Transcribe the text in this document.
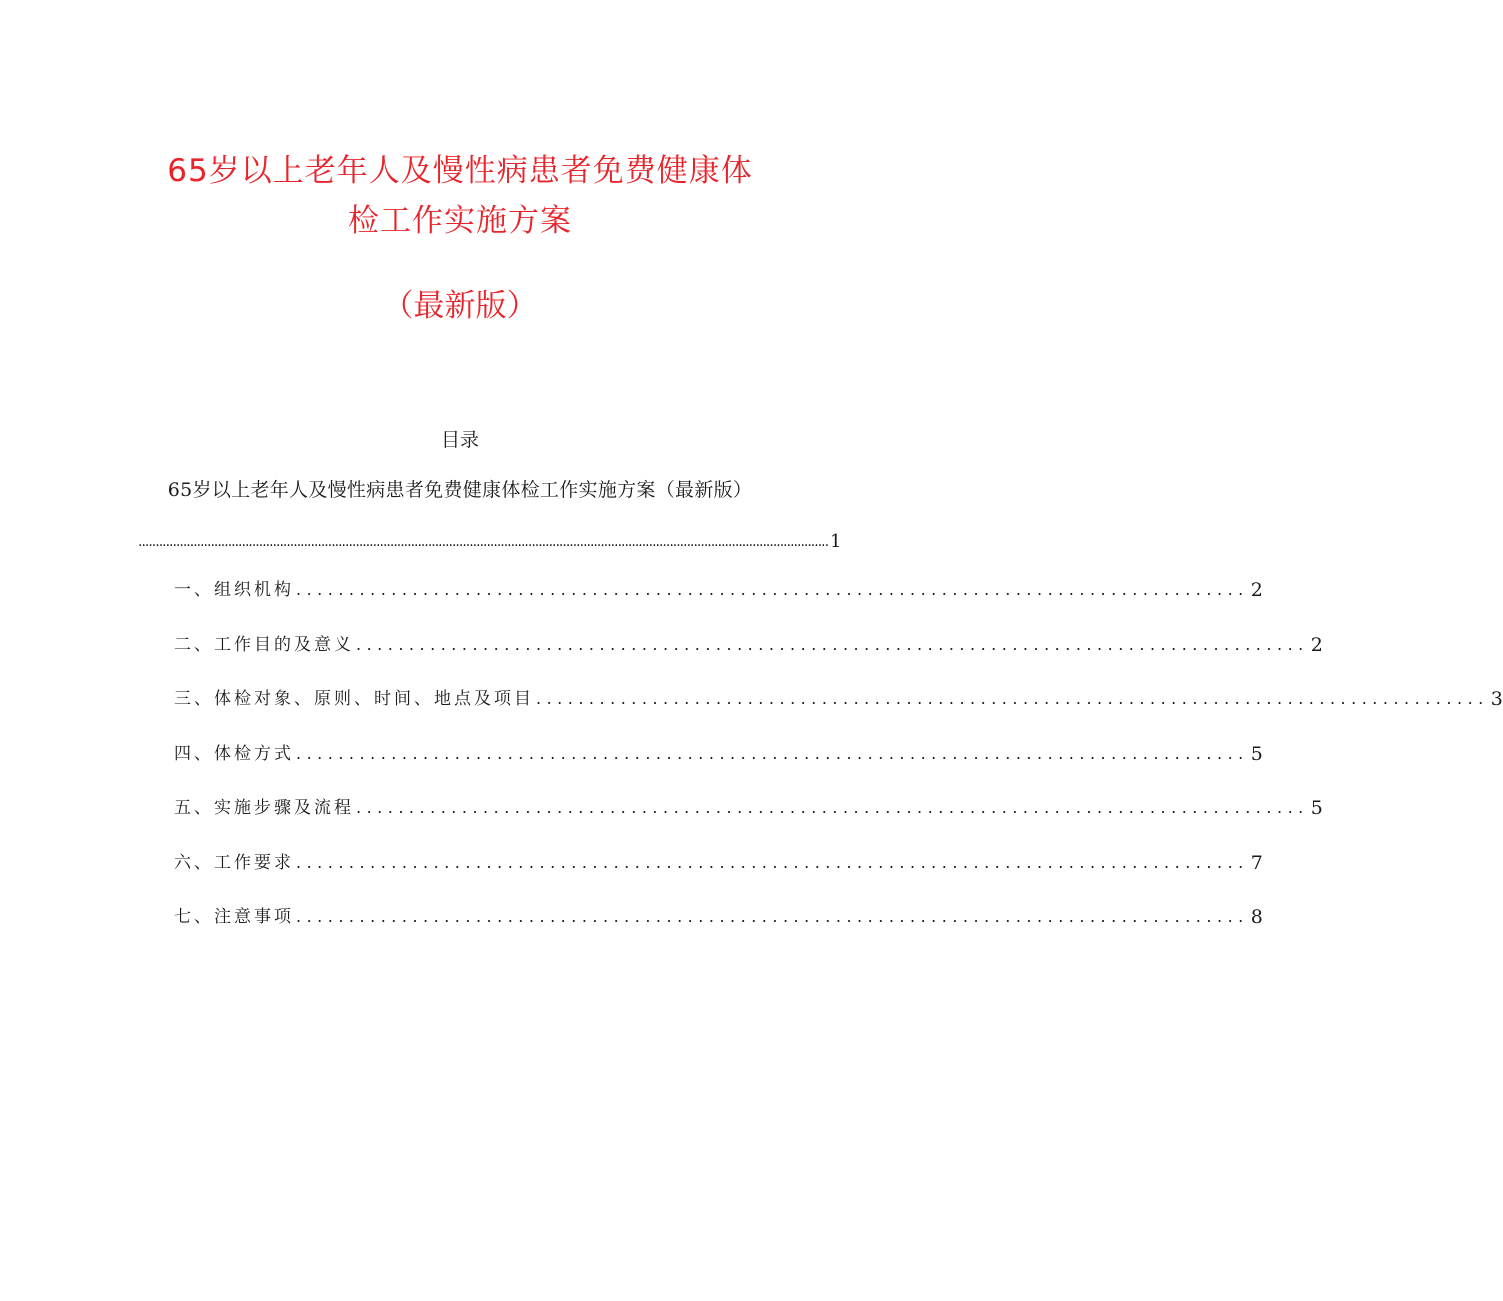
65岁以上老年人及慢性病患者免费健康体
检工作实施方案
（最新版）
目录
65岁以上老年人及慢性病患者免费健康体检工作实施方案（最新版）
........................................................................................................................................................................................................ 1
一、组织机构 .......................................................................................... 2
二、工作目的及意义 .......................................................................................... 2
三、体检对象、原则、时间、地点及项目 .......................................................................................... 3
四、体检方式 .......................................................................................... 5
五、实施步骤及流程 .......................................................................................... 5
六、工作要求 .......................................................................................... 7
七、注意事项 .......................................................................................... 8
